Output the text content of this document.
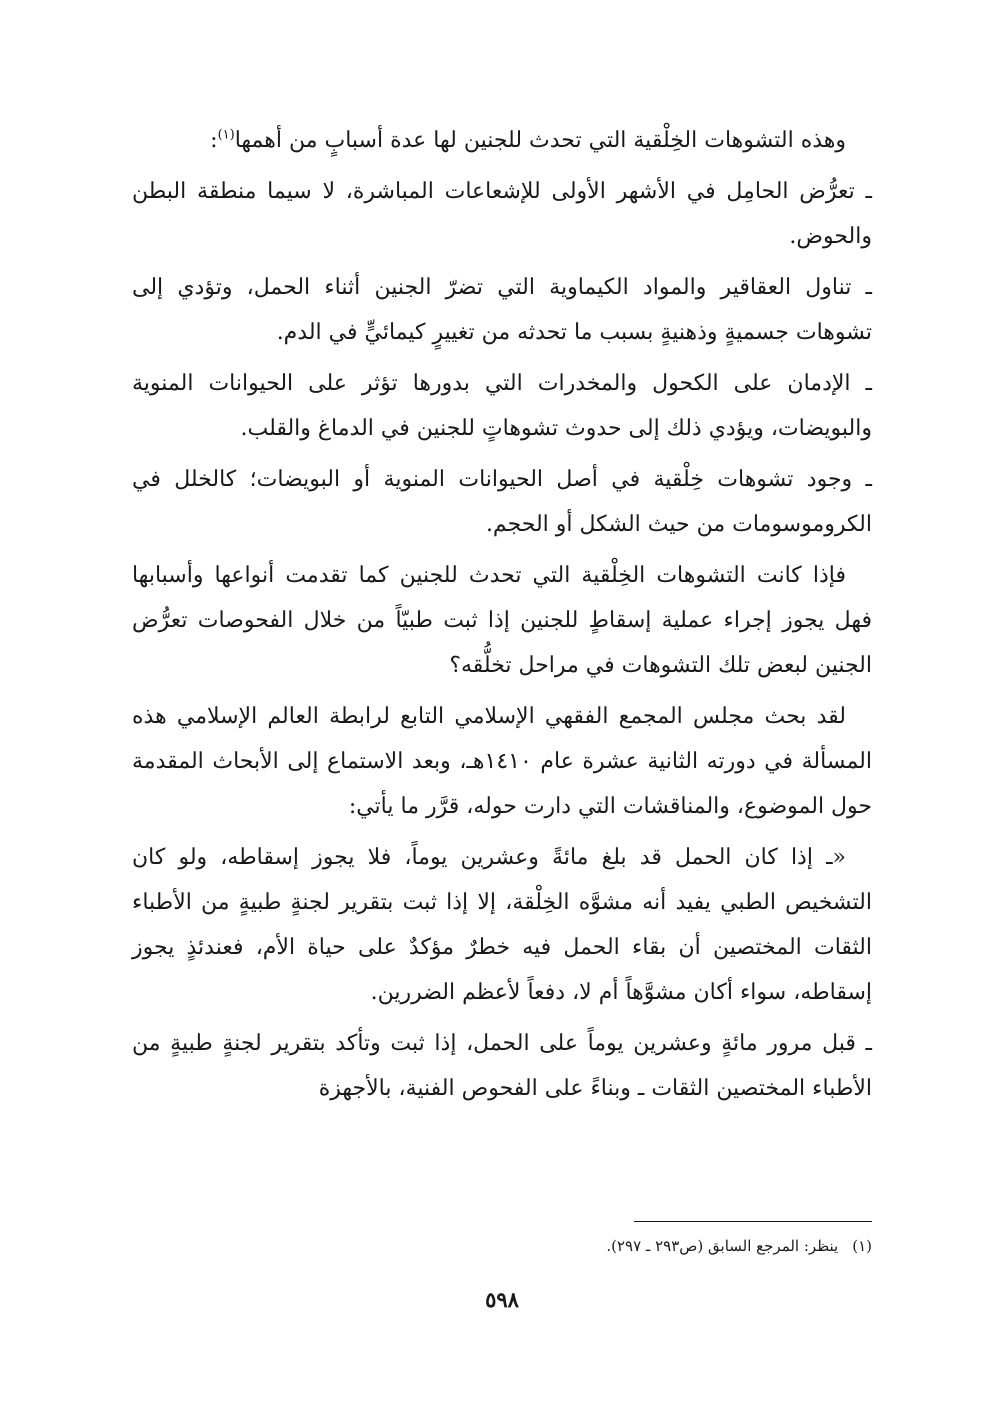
وهذه التشوهات الخِلْقية التي تحدث للجنين لها عدة أسبابٍ من أهمها$^{(١)}$:

ـ تعرُّض الحامِل في الأشهر الأولى للإشعاعات المباشرة، لا سيما منطقة البطن والحوض.

ـ تناول العقاقير والمواد الكيماوية التي تضرّ الجنين أثناء الحمل، وتؤدي إلى تشوهات جسميةٍ وذهنيةٍ بسبب ما تحدثه من تغييرٍ كيمائيٍّ في الدم.

ـ الإدمان على الكحول والمخدرات التي بدورها تؤثر على الحيوانات المنوية والبويضات، ويؤدي ذلك إلى حدوث تشوهاتٍ للجنين في الدماغ والقلب.

ـ وجود تشوهات خِلْقية في أصل الحيوانات المنوية أو البويضات؛ كالخلل في الكروموسومات من حيث الشكل أو الحجم.

فإذا كانت التشوهات الخِلْقية التي تحدث للجنين كما تقدمت أنواعها وأسبابها فهل يجوز إجراء عملية إسقاطٍ للجنين إذا ثبت طبيّاً من خلال الفحوصات تعرُّض الجنين لبعض تلك التشوهات في مراحل تخلُّقه؟

لقد بحث مجلس المجمع الفقهي الإسلامي التابع لرابطة العالم الإسلامي هذه المسألة في دورته الثانية عشرة عام ١٤١٠هـ، وبعد الاستماع إلى الأبحاث المقدمة حول الموضوع، والمناقشات التي دارت حوله، قرَّر ما يأتي:

«ـ إذا كان الحمل قد بلغ مائةً وعشرين يوماً، فلا يجوز إسقاطه، ولو كان التشخيص الطبي يفيد أنه مشوَّه الخِلْقة، إلا إذا ثبت بتقرير لجنةٍ طبيةٍ من الأطباء الثقات المختصين أن بقاء الحمل فيه خطرٌ مؤكدٌ على حياة الأم، فعندئذٍ يجوز إسقاطه، سواء أكان مشوَّهاً أم لا، دفعاً لأعظم الضررين.

ـ قبل مرور مائةٍ وعشرين يوماً على الحمل، إذا ثبت وتأكد بتقرير لجنةٍ طبيةٍ من الأطباء المختصين الثقات ـ وبناءً على الفحوص الفنية، بالأجهزة

(١)ينظر: المرجع السابق (ص٢٩٣ ـ ٢٩٧).
٥٩٨
